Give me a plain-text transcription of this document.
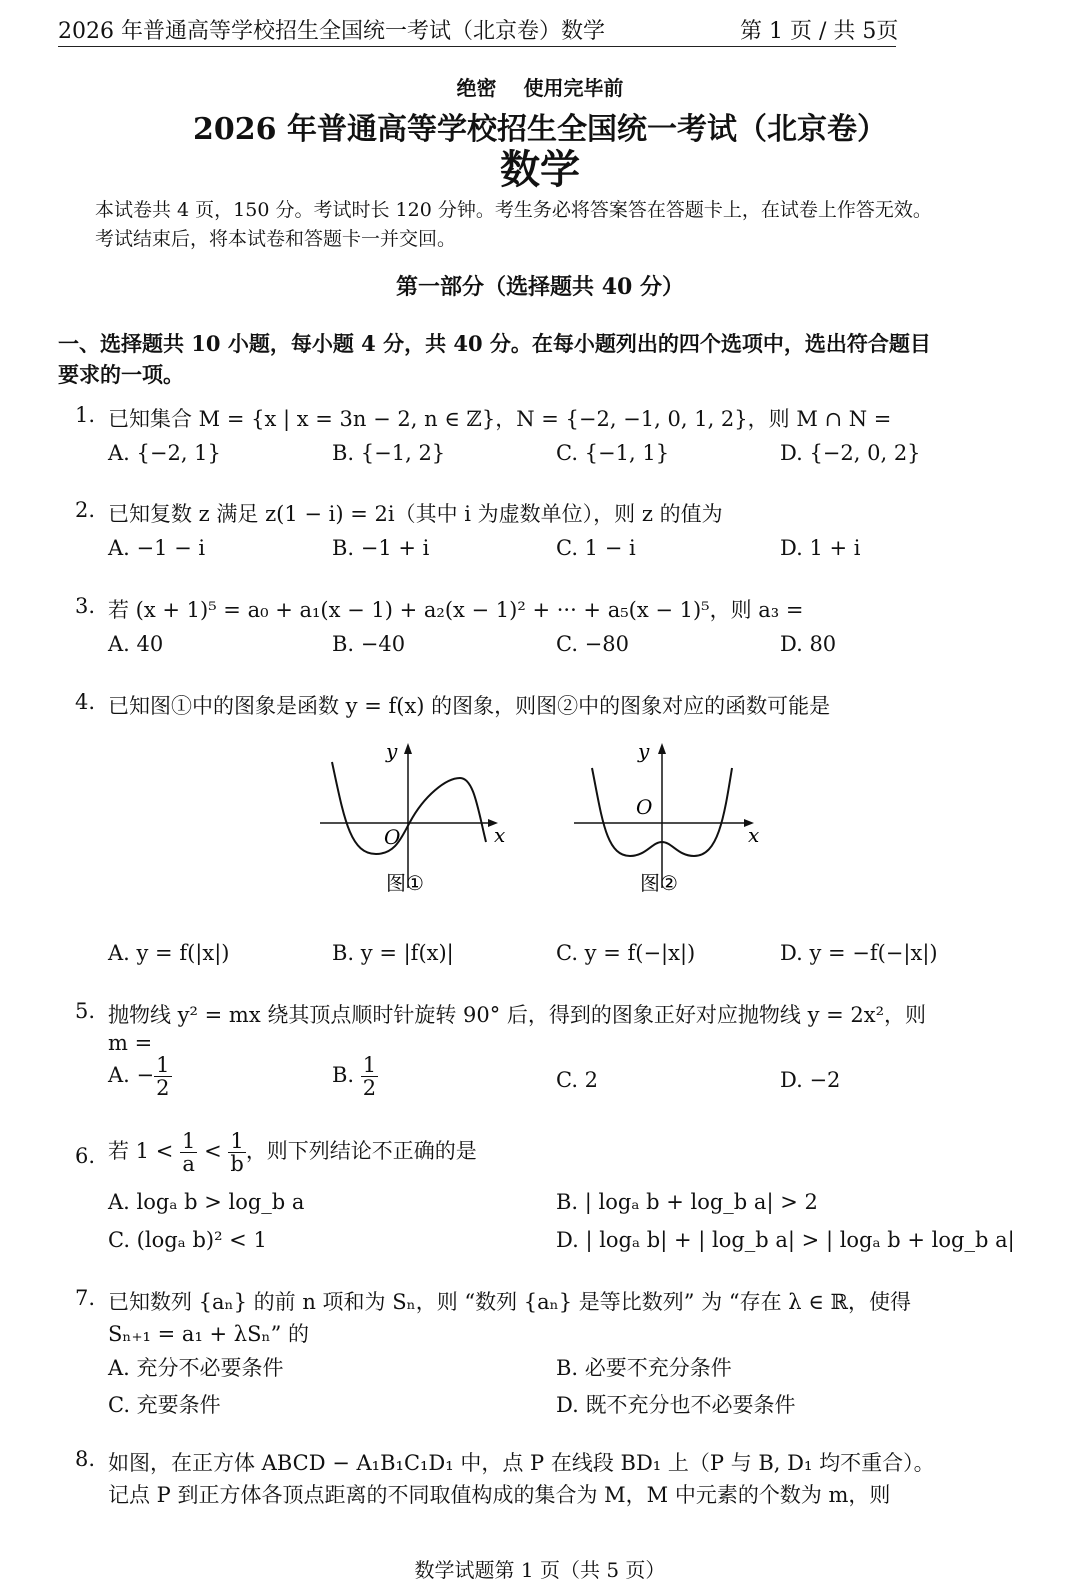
2026 年普通高等学校招生全国统一考试（北京卷）数学	第 1 页 / 共 5页
绝密　 使用完毕前
2026 年普通高等学校招生全国统一考试（北京卷）
数学
本试卷共 4 页，150 分。考试时长 120 分钟。考生务必将答案答在答题卡上，在试卷上作答无效。
考试结束后，将本试卷和答题卡一并交回。
第一部分（选择题共 40 分）
一、选择题共 10 小题，每小题 4 分，共 40 分。在每小题列出的四个选项中，选出符合题目
要求的一项。
1. 已知集合 M = {x | x = 3n − 2, n ∈ ℤ}，N = {−2, −1, 0, 1, 2}，则 M ∩ N =
A. {−2, 1}	B. {−1, 2}	C. {−1, 1}	D. {−2, 0, 2}
2. 已知复数 z 满足 z(1 − i) = 2i（其中 i 为虚数单位），则 z 的值为
A. −1 − i	B. −1 + i	C. 1 − i	D. 1 + i
3. 若 (x + 1)⁵ = a₀ + a₁(x − 1) + a₂(x − 1)² + ··· + a₅(x − 1)⁵，则 a₃ =
A. 40	B. −40	C. −80	D. 80
4. 已知图①中的图象是函数 y = f(x) 的图象，则图②中的图象对应的函数可能是
y
x
O
图①
y
x
O
图②
A. y = f(|x|)	B. y = |f(x)|	C. y = f(−|x|)	D. y = −f(−|x|)
5. 抛物线 y² = mx 绕其顶点顺时针旋转 90° 后，得到的图象正好对应抛物线 y = 2x²，则
m =
A. − $\frac{1}{2}$	B. $\frac{1}{2}$	C. 2	D. −2
6. 若 $1 < \frac{1}{a} < \frac{1}{b}$ ，则下列结论不正确的是
A. logₐ b > log_b a	B. | logₐ b + log_b a| > 2
C. (logₐ b)² < 1	D. | logₐ b| + | log_b a| > | logₐ b + log_b a|
7. 已知数列 {aₙ} 的前 n 项和为 Sₙ，则 “数列 {aₙ} 是等比数列” 为 “存在 λ ∈ ℝ，使得
Sₙ₊₁ = a₁ + λSₙ” 的
A. 充分不必要条件	B. 必要不充分条件
C. 充要条件	D. 既不充分也不必要条件
8. 如图，在正方体 ABCD − A₁B₁C₁D₁ 中，点 P 在线段 BD₁ 上（P 与 B, D₁ 均不重合）。
记点 P 到正方体各顶点距离的不同取值构成的集合为 M，M 中元素的个数为 m，则
数学试题第 1 页（共 5 页）
